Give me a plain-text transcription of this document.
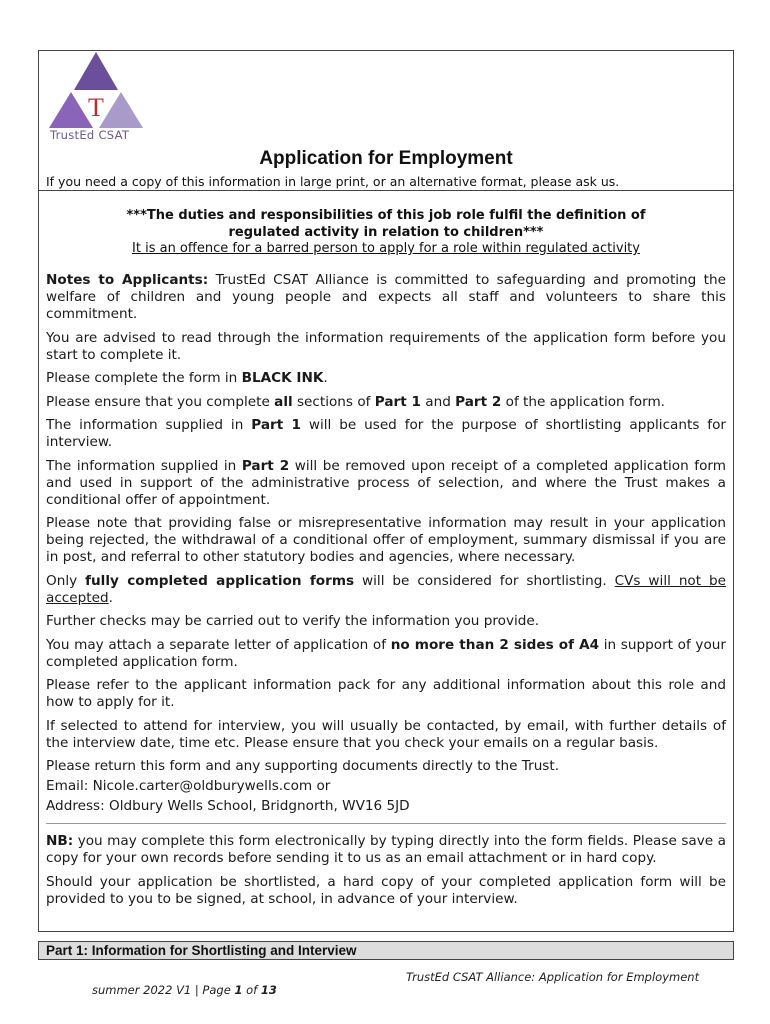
T
TrustEd CSAT
Application for Employment
If you need a copy of this information in large print, or an alternative format, please ask us.
***The duties and responsibilities of this job role fulfil the definition of
regulated activity in relation to children***
It is an offence for a barred person to apply for a role within regulated activity

Notes to Applicants: TrustEd CSAT Alliance is committed to safeguarding and promoting the welfare of children and young people and expects all staff and volunteers to share this commitment.

You are advised to read through the information requirements of the application form before you start to complete it.

Please complete the form in BLACK INK.

Please ensure that you complete all sections of Part 1 and Part 2 of the application form.

The information supplied in Part 1 will be used for the purpose of shortlisting applicants for interview.

The information supplied in Part 2 will be removed upon receipt of a completed application form and used in support of the administrative process of selection, and where the Trust makes a conditional offer of appointment.

Please note that providing false or misrepresentative information may result in your application being rejected, the withdrawal of a conditional offer of employment, summary dismissal if you are in post, and referral to other statutory bodies and agencies, where necessary.

Only fully completed application forms will be considered for shortlisting. CVs will not be accepted.

Further checks may be carried out to verify the information you provide.

You may attach a separate letter of application of no more than 2 sides of A4 in support of your completed application form.

Please refer to the applicant information pack for any additional information about this role and how to apply for it.

If selected to attend for interview, you will usually be contacted, by email, with further details of the interview date, time etc. Please ensure that you check your emails on a regular basis.

Please return this form and any supporting documents directly to the Trust.

Email: Nicole.carter@oldburywells.com or

Address: Oldbury Wells School, Bridgnorth, WV16 5JD

NB: you may complete this form electronically by typing directly into the form fields. Please save a copy for your own records before sending it to us as an email attachment or in hard copy.

Should your application be shortlisted, a hard copy of your completed application form will be provided to you to be signed, at school, in advance of your interview.

Part 1: Information for Shortlisting and Interview
TrustEd CSAT Alliance: Application for Employment
summer 2022 V1 | Page 1 of 13
